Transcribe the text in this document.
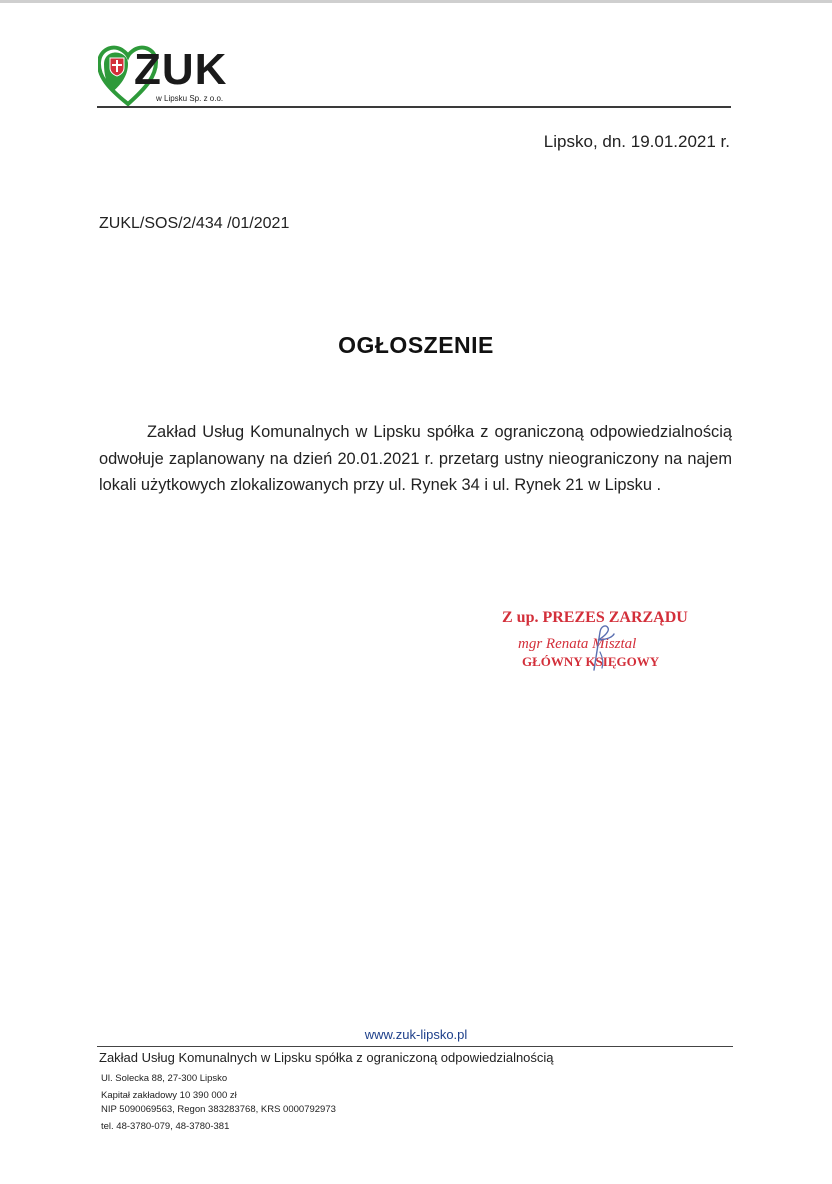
ZUK
w Lipsku Sp. z o.o.
Lipsko, dn. 19.01.2021 r.
ZUKL/SOS/2/434 /01/2021
OGŁOSZENIE
Zakład Usług Komunalnych w Lipsku spółka z ograniczoną odpowiedzialnością odwołuje zaplanowany na dzień 20.01.2021 r. przetarg ustny nieograniczony na najem lokali użytkowych zlokalizowanych przy ul. Rynek 34 i ul. Rynek 21 w Lipsku .
Z up. PREZES ZARZĄDU
mgr Renata Misztal
GŁÓWNY KSIĘGOWY
www.zuk-lipsko.pl
Zakład Usług Komunalnych w Lipsku spółka z ograniczoną odpowiedzialnością
Ul. Solecka 88, 27-300 Lipsko
Kapitał zakładowy 10 390 000 zł
NIP 5090069563, Regon 383283768, KRS 0000792973
tel. 48-3780-079, 48-3780-381
